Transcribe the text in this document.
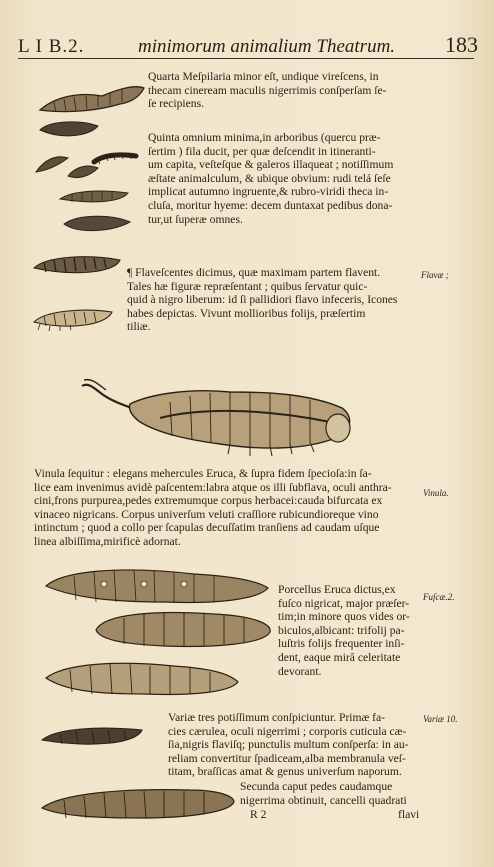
L I B.2.	minimorum animalium Theatrum. 183
Quarta Meſpilaria minor eſt, undique vireſcens, in
thecam cineream maculis nigerrimis conſperſam ſe-
ſe recipiens.
Quinta omnium minima,in arboribus (quercu præ-
ſertim ) fila ducit, per quæ deſcendit in itineranti-
um capita, veſteſque & galeros illaqueat ; notiſſimum
æſtate animalculum, & ubique obvium: rudi telá ſeſe
implicat autumno ingruente,& rubro-viridi theca in-
cluſa, moritur hyeme: decem duntaxat pedibus dona-
tur,ut ſuperæ omnes.
¶ Flaveſcentes dicimus, quæ maximam partem flavent.
Tales hæ figuræ repræſentant ; quibus ſervatur quic-
quid à nigro liberum: id ſi pallidiori flavo infeceris, Icones
habes depictas. Vivunt mollioribus folijs, præſertim
tiliæ.
Vinula ſequitur : elegans mehercules Eruca, & ſupra fidem ſpecioſa:in ſa-
lice eam invenimus avidè paſcentem:labra atque os illi ſubflava, oculi anthra-
cini,frons purpurea,pedes extremumque corpus herbacei:cauda bifurcata ex
vinaceo nigricans. Corpus univerſum veluti craſſiore rubicundioreque vino
intinctum ; quod a collo per ſcapulas decuſſatim tranſiens ad caudam uſque
linea albiſſima,mirificè adornat.
Porcellus Eruca dictus,ex
fuſco nigricat, major præſer-
tim;in minore quos vides or-
biculos,albicant: trifolij pa-
luſtris folijs frequenter inſi-
dent, eaque mirâ celeritate
devorant.
Variæ tres potiſſimum conſpiciuntur. Primæ fa-
cies cærulea, oculi nigerrimi ; corporis cuticula cæ-
ſia,nigris flaviſq; punctulis multum conſperſa: in au-
reliam convertitur ſpadiceam,alba membranula veſ-
titam, braſſicas amat & genus univerſum naporum.
Secunda caput pedes caudamque
nigerrima obtinuit, cancelli quadrati
R 2	flavi
Flavæ ;
Vinula.
Fuſcæ.2.
Variæ 10.
